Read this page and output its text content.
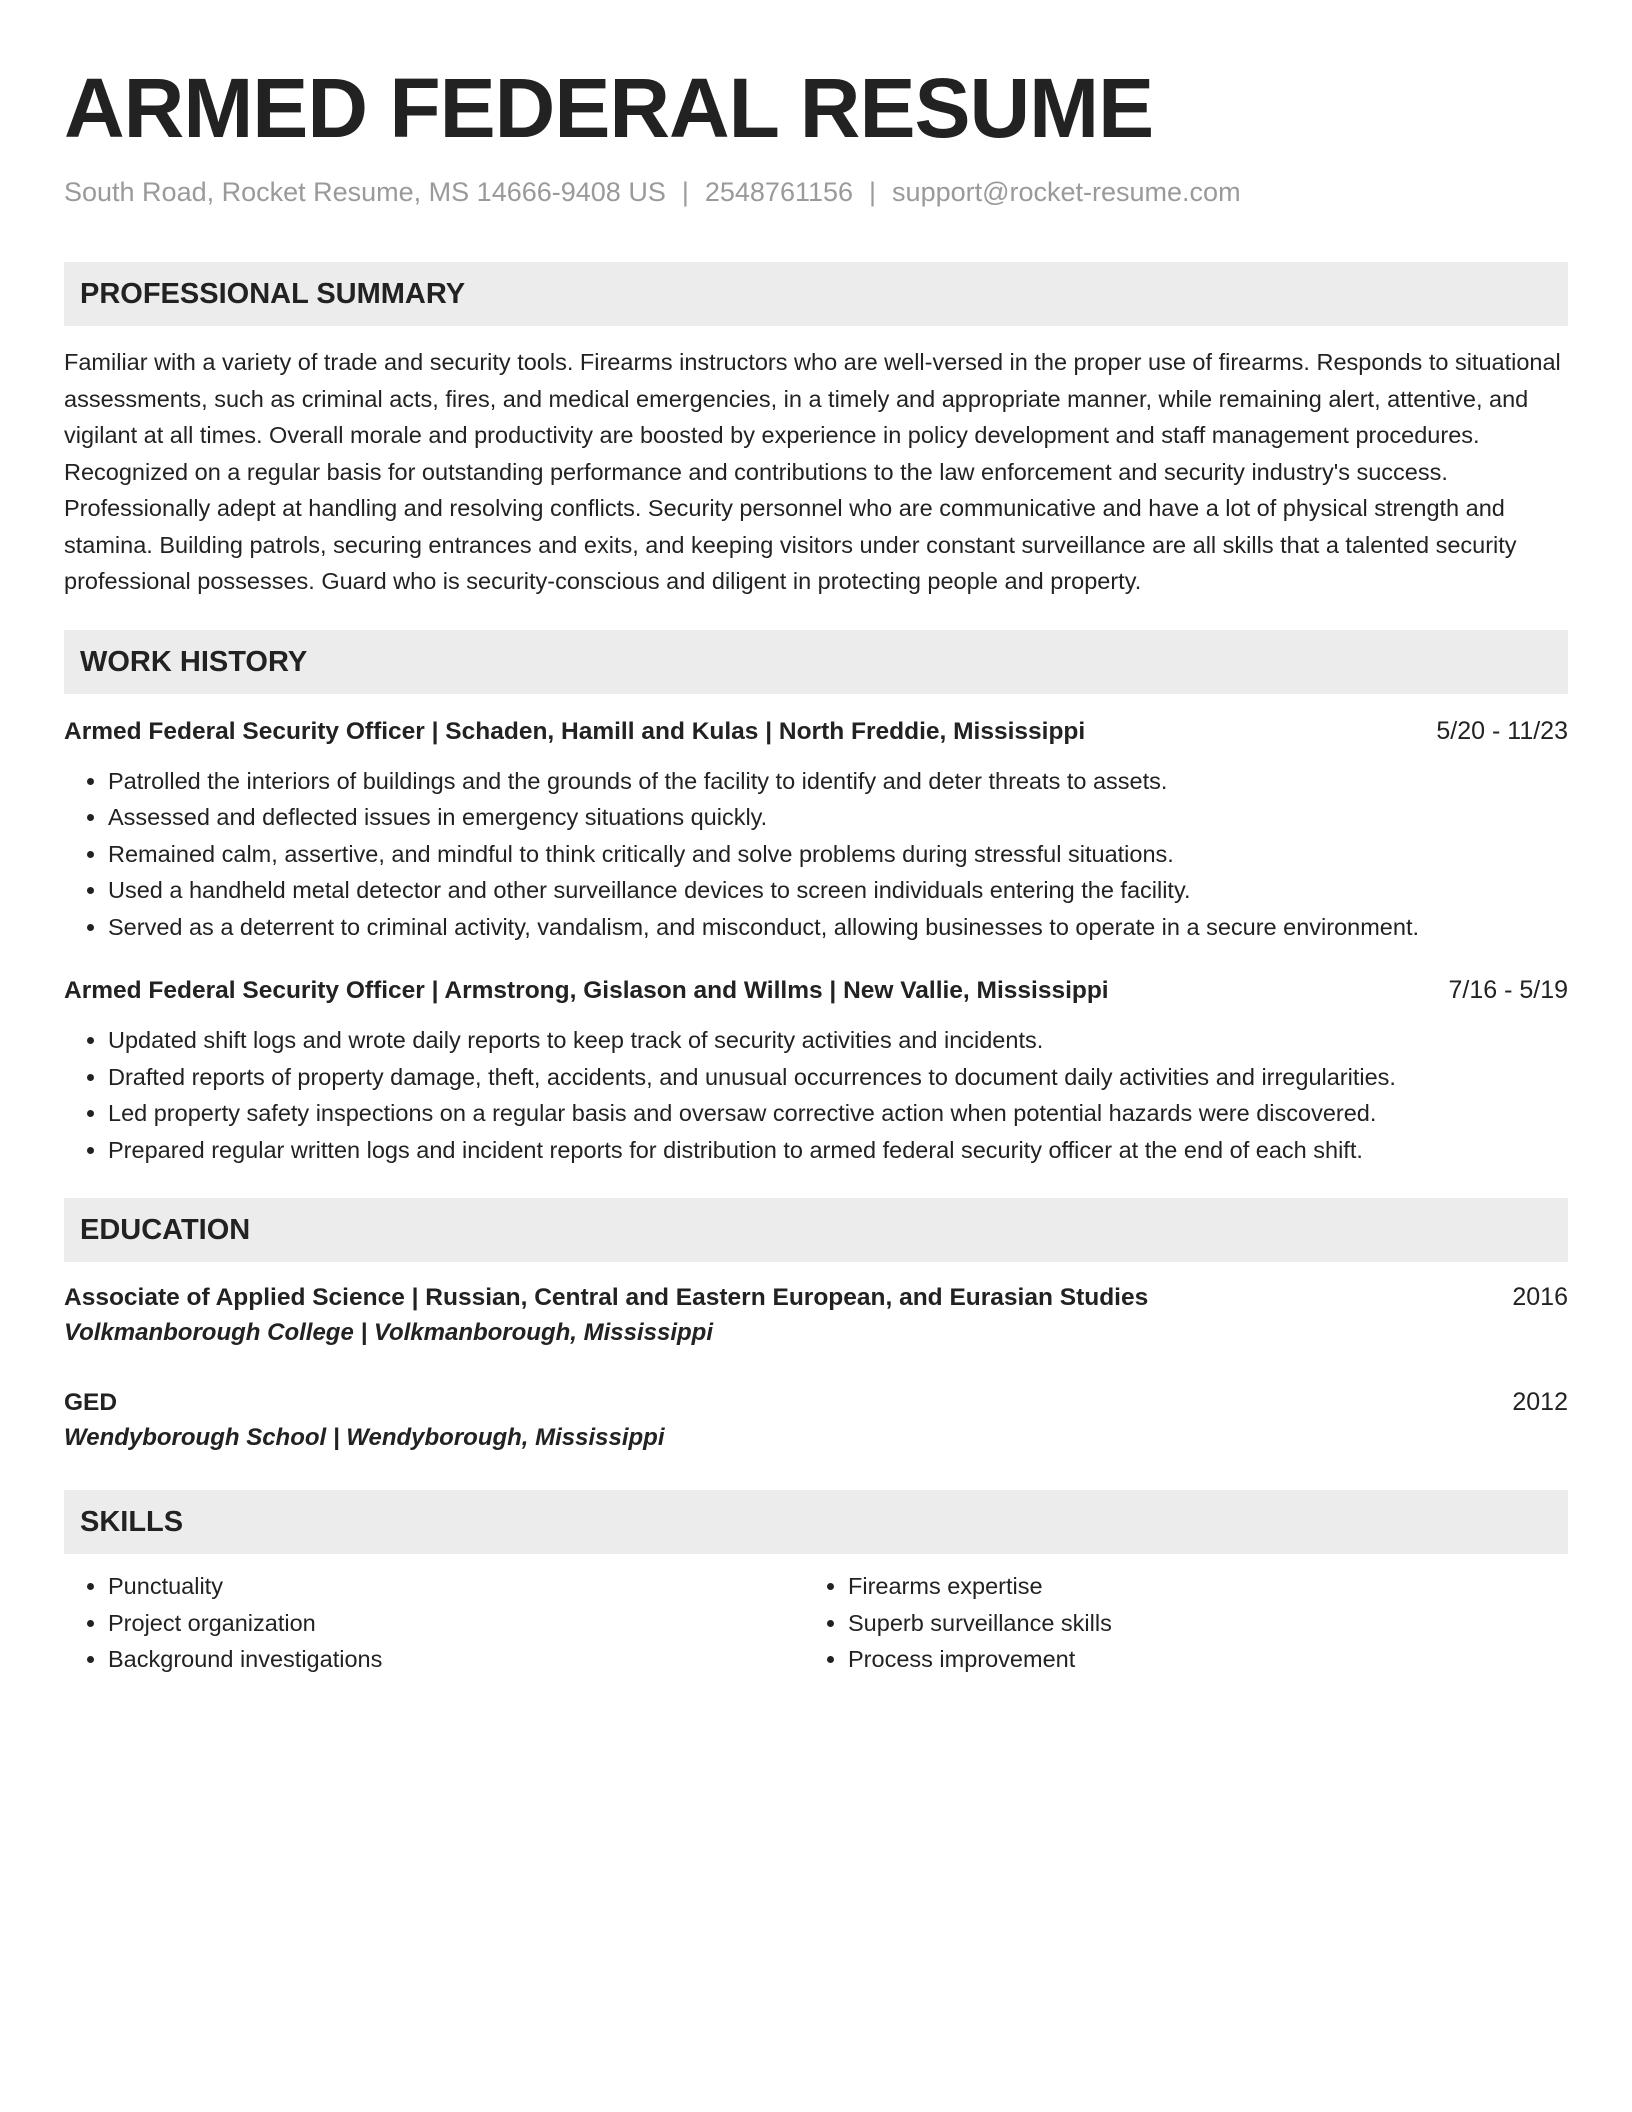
ARMED FEDERAL RESUME
South Road, Rocket Resume, MS 14666-9408 US | 2548761156 | support@rocket-resume.com
PROFESSIONAL SUMMARY

Familiar with a variety of trade and security tools. Firearms instructors who are well-versed in the proper use of firearms. Responds to situational assessments, such as criminal acts, fires, and medical emergencies, in a timely and appropriate manner, while remaining alert, attentive, and vigilant at all times. Overall morale and productivity are boosted by experience in policy development and staff management procedures. Recognized on a regular basis for outstanding performance and contributions to the law enforcement and security industry's success. Professionally adept at handling and resolving conflicts. Security personnel who are communicative and have a lot of physical strength and stamina. Building patrols, securing entrances and exits, and keeping visitors under constant surveillance are all skills that a talented security professional possesses. Guard who is security-conscious and diligent in protecting people and property.

WORK HISTORY
Armed Federal Security Officer | Schaden, Hamill and Kulas | North Freddie, Mississippi	5/20 - 11/23
• Patrolled the interiors of buildings and the grounds of the facility to identify and deter threats to assets.
• Assessed and deflected issues in emergency situations quickly.
• Remained calm, assertive, and mindful to think critically and solve problems during stressful situations.
• Used a handheld metal detector and other surveillance devices to screen individuals entering the facility.
• Served as a deterrent to criminal activity, vandalism, and misconduct, allowing businesses to operate in a secure environment.
Armed Federal Security Officer | Armstrong, Gislason and Willms | New Vallie, Mississippi	7/16 - 5/19
• Updated shift logs and wrote daily reports to keep track of security activities and incidents.
• Drafted reports of property damage, theft, accidents, and unusual occurrences to document daily activities and irregularities.
• Led property safety inspections on a regular basis and oversaw corrective action when potential hazards were discovered.
• Prepared regular written logs and incident reports for distribution to armed federal security officer at the end of each shift.
EDUCATION
Associate of Applied Science | Russian, Central and Eastern European, and Eurasian Studies	2016
Volkmanborough College | Volkmanborough, Mississippi
GED	2012
Wendyborough School | Wendyborough, Mississippi
SKILLS
• Punctuality
• Project organization
• Background investigations
• Firearms expertise
• Superb surveillance skills
• Process improvement
